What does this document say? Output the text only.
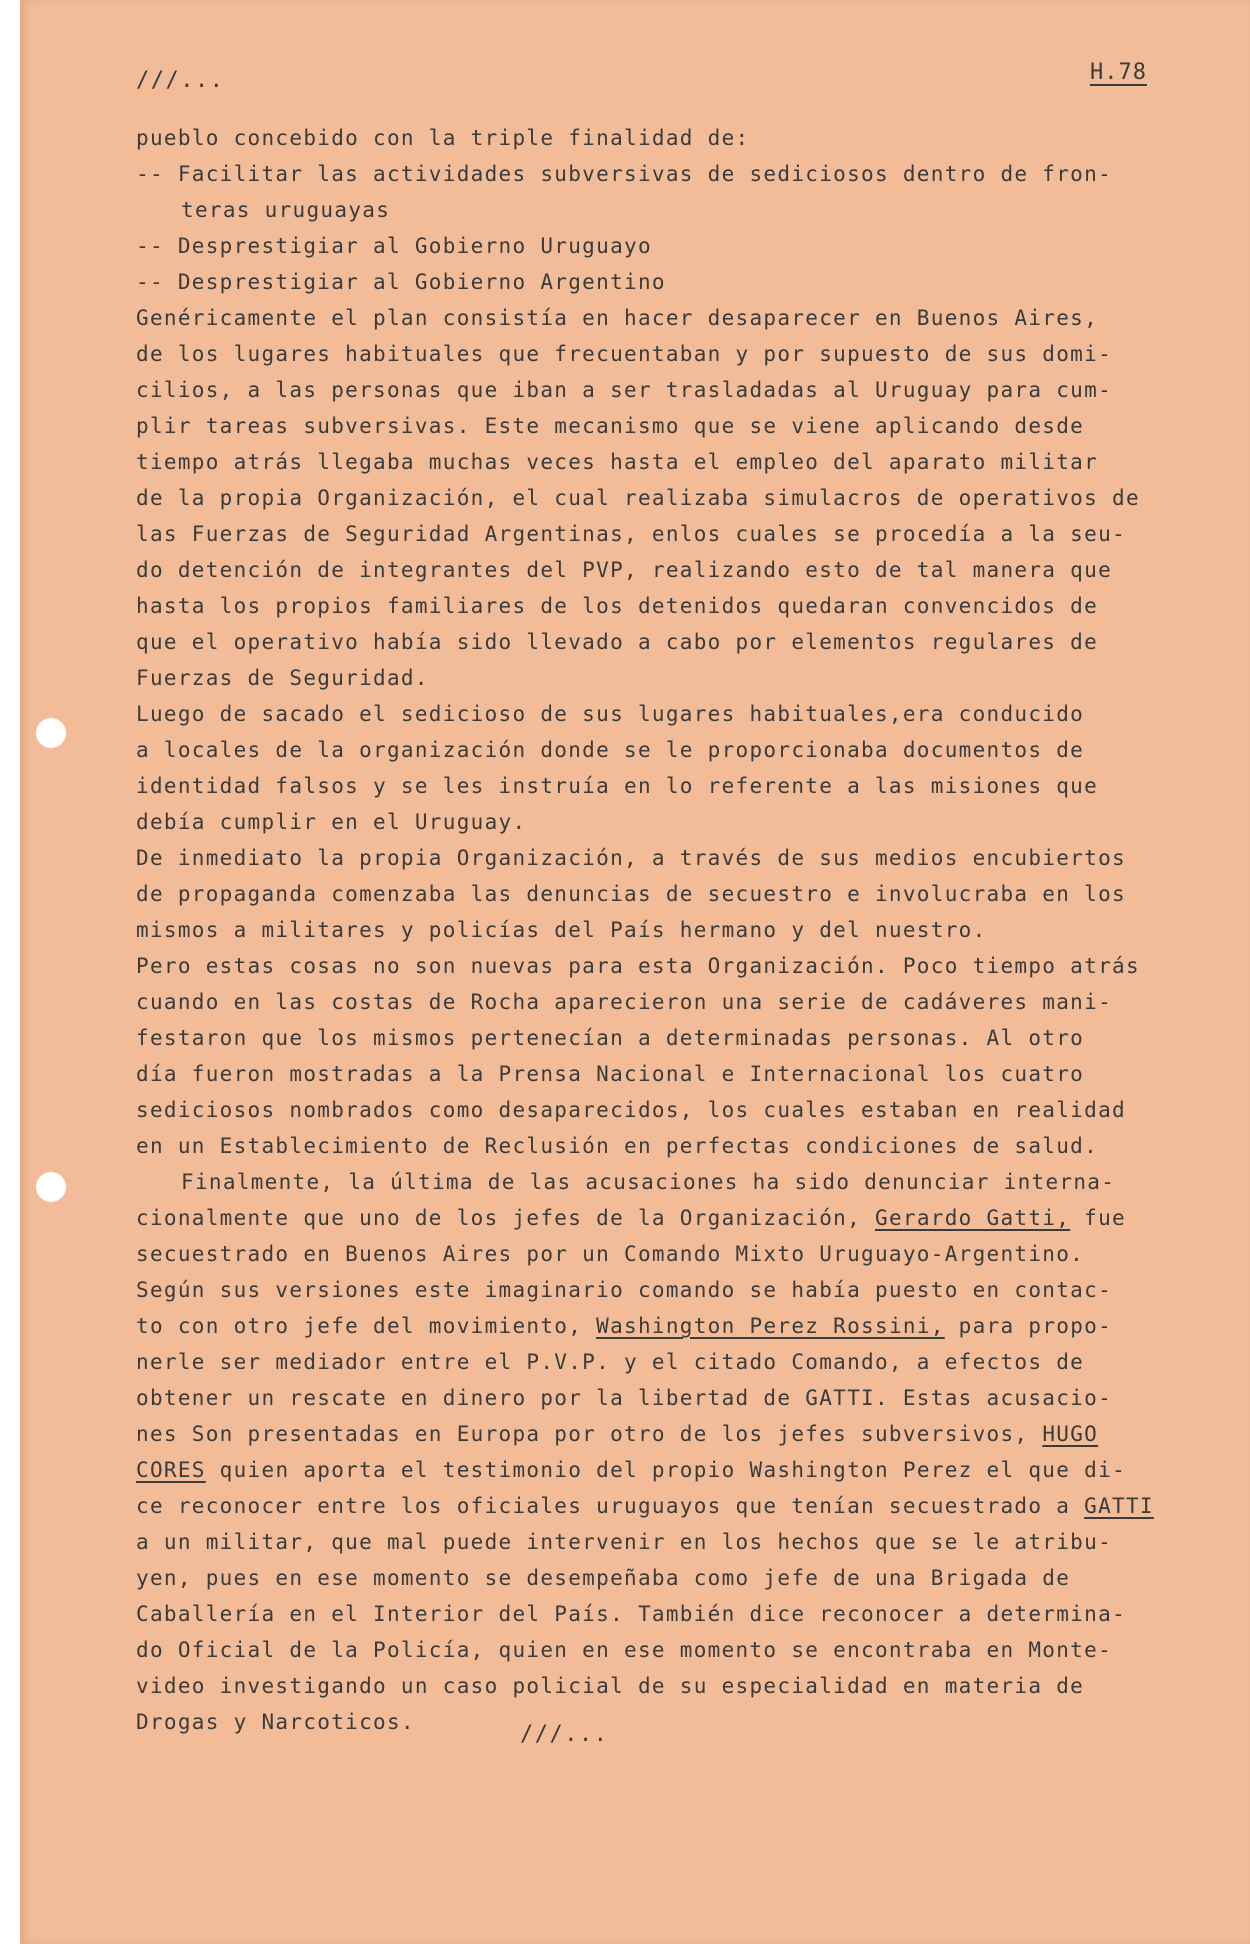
///...	H.78
pueblo concebido con la triple finalidad de:
-- Facilitar las actividades subversivas de sediciosos dentro de fron-
teras uruguayas
-- Desprestigiar al Gobierno Uruguayo
-- Desprestigiar al Gobierno Argentino
Genéricamente el plan consistía en hacer desaparecer en Buenos Aires,
de los lugares habituales que frecuentaban y por supuesto de sus domi-
cilios, a las personas que iban a ser trasladadas al Uruguay para cum-
plir tareas subversivas. Este mecanismo que se viene aplicando desde
tiempo atrás llegaba muchas veces hasta el empleo del aparato militar
de la propia Organización, el cual realizaba simulacros de operativos de
las Fuerzas de Seguridad Argentinas, enlos cuales se procedía a la seu-
do detención de integrantes del PVP, realizando esto de tal manera que
hasta los propios familiares de los detenidos quedaran convencidos de
que el operativo había sido llevado a cabo por elementos regulares de
Fuerzas de Seguridad.
Luego de sacado el sedicioso de sus lugares habituales,era conducido
a locales de la organización donde se le proporcionaba documentos de
identidad falsos y se les instruía en lo referente a las misiones que
debía cumplir en el Uruguay.
De inmediato la propia Organización, a través de sus medios encubiertos
de propaganda comenzaba las denuncias de secuestro e involucraba en los
mismos a militares y policías del País hermano y del nuestro.
Pero estas cosas no son nuevas para esta Organización. Poco tiempo atrás
cuando en las costas de Rocha aparecieron una serie de cadáveres mani-
festaron que los mismos pertenecían a determinadas personas. Al otro
día fueron mostradas a la Prensa Nacional e Internacional los cuatro
sediciosos nombrados como desaparecidos, los cuales estaban en realidad
en un Establecimiento de Reclusión en perfectas condiciones de salud.
Finalmente, la última de las acusaciones ha sido denunciar interna-
cionalmente que uno de los jefes de la Organización, Gerardo Gatti, fue
secuestrado en Buenos Aires por un Comando Mixto Uruguayo-Argentino.
Según sus versiones este imaginario comando se había puesto en contac-
to con otro jefe del movimiento, Washington Perez Rossini, para propo-
nerle ser mediador entre el P.V.P. y el citado Comando, a efectos de
obtener un rescate en dinero por la libertad de GATTI. Estas acusacio-
nes Son presentadas en Europa por otro de los jefes subversivos, HUGO
CORES quien aporta el testimonio del propio Washington Perez el que di-
ce reconocer entre los oficiales uruguayos que tenían secuestrado a GATTI
a un militar, que mal puede intervenir en los hechos que se le atribu-
yen, pues en ese momento se desempeñaba como jefe de una Brigada de
Caballería en el Interior del País. También dice reconocer a determina-
do Oficial de la Policía, quien en ese momento se encontraba en Monte-
video investigando un caso policial de su especialidad en materia de
Drogas y Narcoticos.	///...
